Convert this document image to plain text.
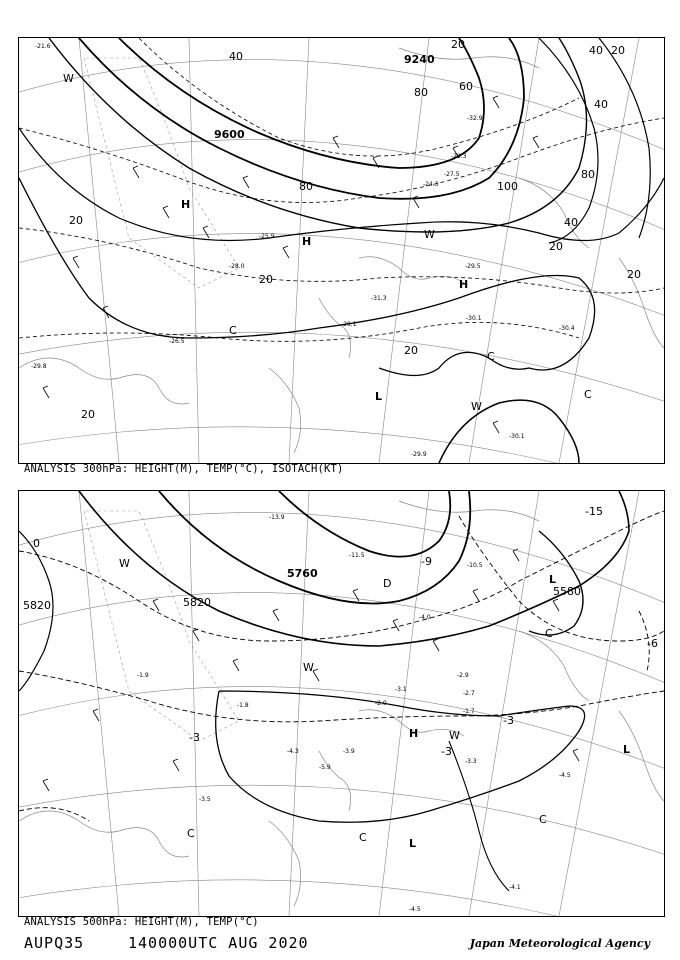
9600
9240
20
20
20
20
20
20	20
40	40
40
40
60
80
80
80
100
20
H
H
H
L
C
C
C
W
W
W
-29.9
-30.1
-30.1
-31.3
-29.1
-29.5
-27.5
-26.5
-28.0
-25.9
-24.3
-32.9
-29.3
-21.6
-29.8
-30.4
ANALYSIS 300hPa: HEIGHT(M), TEMP(°C), ISOTACH(KT)
5760
5820	5820
5580
-15
-3
-3
-6
-9
0
-3
L
L
L
H
C	C
C
C
W
W
W
D
-4.5
-4.1
-4.5
-3.3
-4.3
-5.9
-3.1
-1.7
-2.7
-3.5
-2.9
-10.5
-11.5
-13.9
-4.0
-3.9
-1.8	-2.0
-1.9
ANALYSIS 500hPa: HEIGHT(M), TEMP(°C)
AUPQ35	140000UTC AUG 2020	Japan Meteorological Agency
